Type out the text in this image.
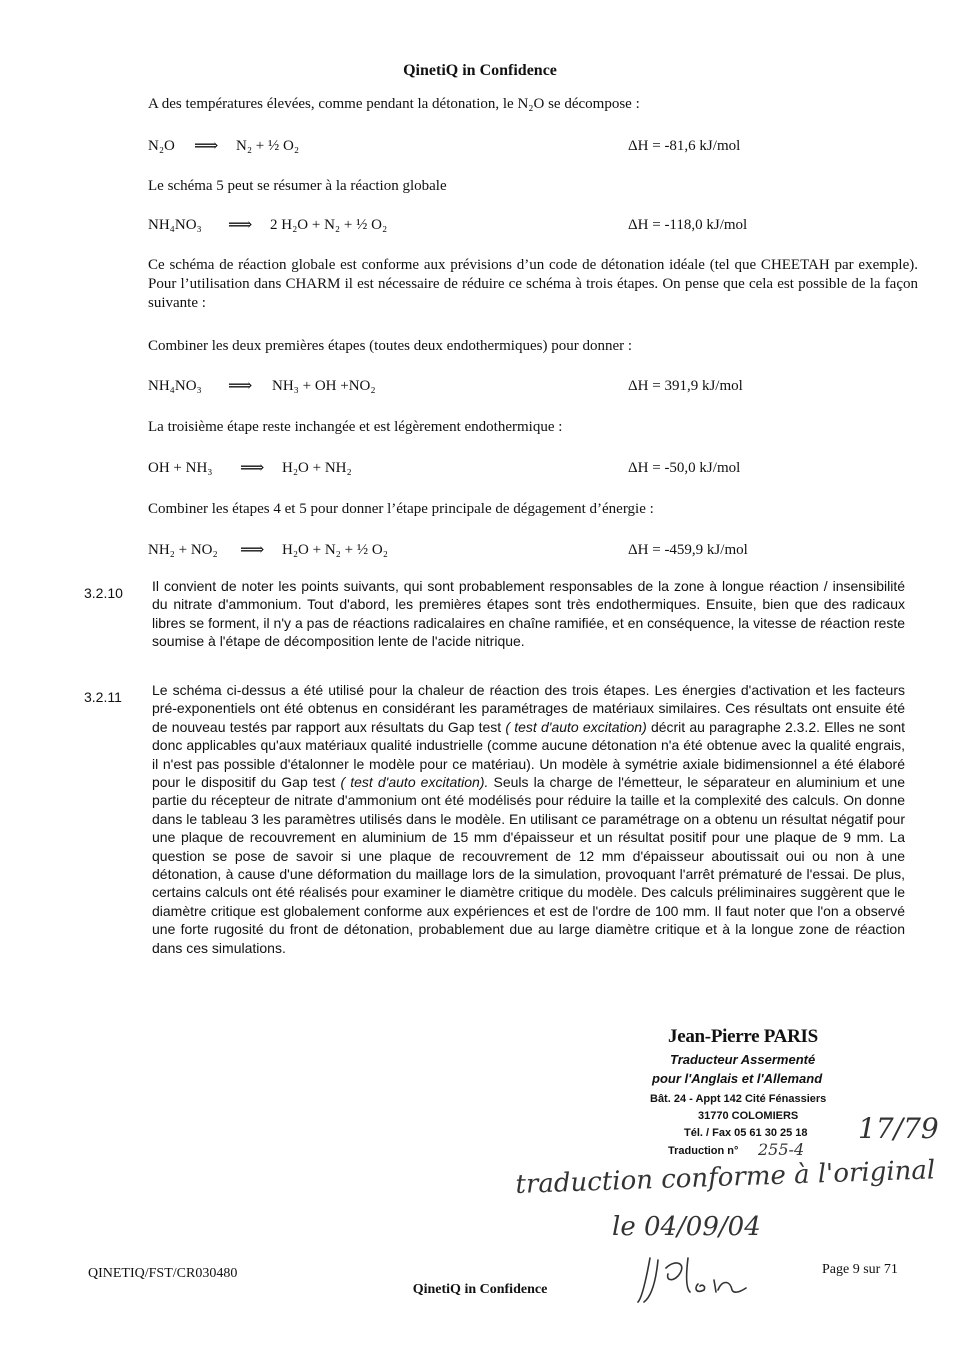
QinetiQ in Confidence
A des températures élevées, comme pendant la détonation, le N₂O se décompose :
N₂O ⟹ N₂ + ½ O₂	ΔH = -81,6 kJ/mol
Le schéma 5 peut se résumer à la réaction globale
NH₄NO₃ ⟹ 2 H₂O + N₂ + ½ O₂	ΔH = -118,0 kJ/mol
Ce schéma de réaction globale est conforme aux prévisions d’un code de détonation idéale (tel que CHEETAH par exemple). Pour l’utilisation dans CHARM il est nécessaire de réduire ce schéma à trois étapes. On pense que cela est possible de la façon suivante :
Combiner les deux premières étapes (toutes deux endothermiques) pour donner :
NH₄NO₃ ⟹ NH₃ + OH +NO₂	ΔH = 391,9 kJ/mol
La troisième étape reste inchangée et est légèrement endothermique :
OH + NH₃ ⟹ H₂O + NH₂	ΔH = -50,0 kJ/mol
Combiner les étapes 4 et 5 pour donner l’étape principale de dégagement d’énergie :
NH₂ + NO₂ ⟹ H₂O + N₂ + ½ O₂	ΔH = -459,9 kJ/mol
3.2.10 Il convient de noter les points suivants, qui sont probablement responsables de la zone à longue réaction / insensibilité du nitrate d'ammonium. Tout d'abord, les premières étapes sont très endothermiques. Ensuite, bien que des radicaux libres se forment, il n'y a pas de réactions radicalaires en chaîne ramifiée, et en conséquence, la vitesse de réaction reste soumise à l'étape de décomposition lente de l'acide nitrique.
3.2.11 Le schéma ci-dessus a été utilisé pour la chaleur de réaction des trois étapes. Les énergies d'activation et les facteurs pré-exponentiels ont été obtenus en considérant les paramétrages de matériaux similaires. Ces résultats ont ensuite été de nouveau testés par rapport aux résultats du Gap test ( test d'auto excitation) décrit au paragraphe 2.3.2. Elles ne sont donc applicables qu'aux matériaux qualité industrielle (comme aucune détonation n'a été obtenue avec la qualité engrais, il n'est pas possible d'étalonner le modèle pour ce matériau). Un modèle à symétrie axiale bidimensionnel a été élaboré pour le dispositif du Gap test ( test d'auto excitation). Seuls la charge de l'émetteur, le séparateur en aluminium et une partie du récepteur de nitrate d'ammonium ont été modélisés pour réduire la taille et la complexité des calculs. On donne dans le tableau 3 les paramètres utilisés dans le modèle. En utilisant ce paramétrage on a obtenu un résultat négatif pour une plaque de recouvrement en aluminium de 15 mm d'épaisseur et un résultat positif pour une plaque de 9 mm. La question se pose de savoir si une plaque de recouvrement de 12 mm d'épaisseur aboutissait oui ou non à une détonation, à cause d'une déformation du maillage lors de la simulation, provoquant l'arrêt prématuré de l'essai. De plus, certains calculs ont été réalisés pour examiner le diamètre critique du modèle. Des calculs préliminaires suggèrent que le diamètre critique est globalement conforme aux expériences et est de l'ordre de 100 mm. Il faut noter que l'on a observé une forte rugosité du front de détonation, probablement due au large diamètre critique et à la longue zone de réaction dans ces simulations.
Jean-Pierre PARIS
Traducteur Assermenté
pour l'Anglais et l'Allemand
Bât. 24 - Appt 142 Cité Fénassiers
31770 COLOMIERS
Tél. / Fax 05 61 30 25 18
Traduction n° 255-4
17/79
traduction conforme à l'original
le 04/09/04
QINETIQ/FST/CR030480
QinetiQ in Confidence
Page 9 sur 71
